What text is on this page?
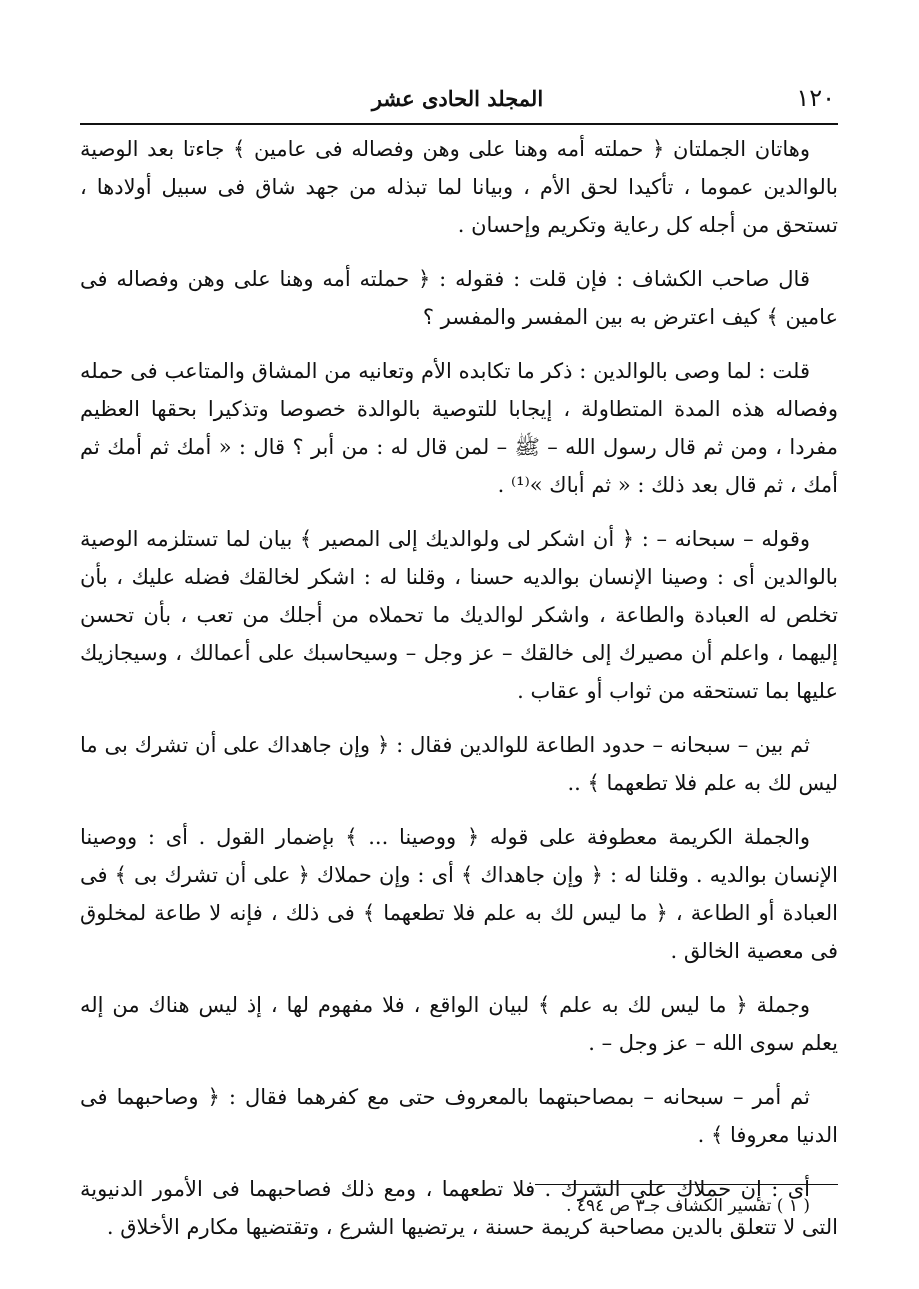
١٢٠
المجلد الحادى عشر

وهاتان الجملتان ﴿ حملته أمه وهنا على وهن وفصاله فى عامين ﴾ جاءتا بعد الوصية بالوالدين عموما ، تأكيدا لحق الأم ، وبيانا لما تبذله من جهد شاق فى سبيل أولادها ، تستحق من أجله كل رعاية وتكريم وإحسان .

قال صاحب الكشاف : فإن قلت : فقوله : ﴿ حملته أمه وهنا على وهن وفصاله فى عامين ﴾ كيف اعترض به بين المفسر والمفسر ؟

قلت : لما وصى بالوالدين : ذكر ما تكابده الأم وتعانيه من المشاق والمتاعب فى حمله وفصاله هذه المدة المتطاولة ، إيجابا للتوصية بالوالدة خصوصا وتذكيرا بحقها العظيم مفردا ، ومن ثم قال رسول الله – ﷺ – لمن قال له : من أبر ؟ قال : « أمك ثم أمك ثم أمك ، ثم قال بعد ذلك : « ثم أباك »⁽¹⁾ .

وقوله – سبحانه – : ﴿ أن اشكر لى ولوالديك إلى المصير ﴾ بيان لما تستلزمه الوصية بالوالدين أى : وصينا الإنسان بوالديه حسنا ، وقلنا له : اشكر لخالقك فضله عليك ، بأن تخلص له العبادة والطاعة ، واشكر لوالديك ما تحملاه من أجلك من تعب ، بأن تحسن إليهما ، واعلم أن مصيرك إلى خالقك – عز وجل – وسيحاسبك على أعمالك ، وسيجازيك عليها بما تستحقه من ثواب أو عقاب .

ثم بين – سبحانه – حدود الطاعة للوالدين فقال : ﴿ وإن جاهداك على أن تشرك بى ما ليس لك به علم فلا تطعهما ﴾ ..

والجملة الكريمة معطوفة على قوله ﴿ ووصينا ... ﴾ بإضمار القول . أى : ووصينا الإنسان بوالديه . وقلنا له : ﴿ وإن جاهداك ﴾ أى : وإن حملاك ﴿ على أن تشرك بى ﴾ فى العبادة أو الطاعة ، ﴿ ما ليس لك به علم فلا تطعهما ﴾ فى ذلك ، فإنه لا طاعة لمخلوق فى معصية الخالق .

وجملة ﴿ ما ليس لك به علم ﴾ لبيان الواقع ، فلا مفهوم لها ، إذ ليس هناك من إله يعلم سوى الله – عز وجل – .

ثم أمر – سبحانه – بمصاحبتهما بالمعروف حتى مع كفرهما فقال : ﴿ وصاحبهما فى الدنيا معروفا ﴾ .

أى : إن حملاك على الشرك . فلا تطعهما ، ومع ذلك فصاحبهما فى الأمور الدنيوية التى لا تتعلق بالدين مصاحبة كريمة حسنة ، يرتضيها الشرع ، وتقتضيها مكارم الأخلاق .

( ١ ) تفسير الكشاف جـ٣ ص ٤٩٤ .
